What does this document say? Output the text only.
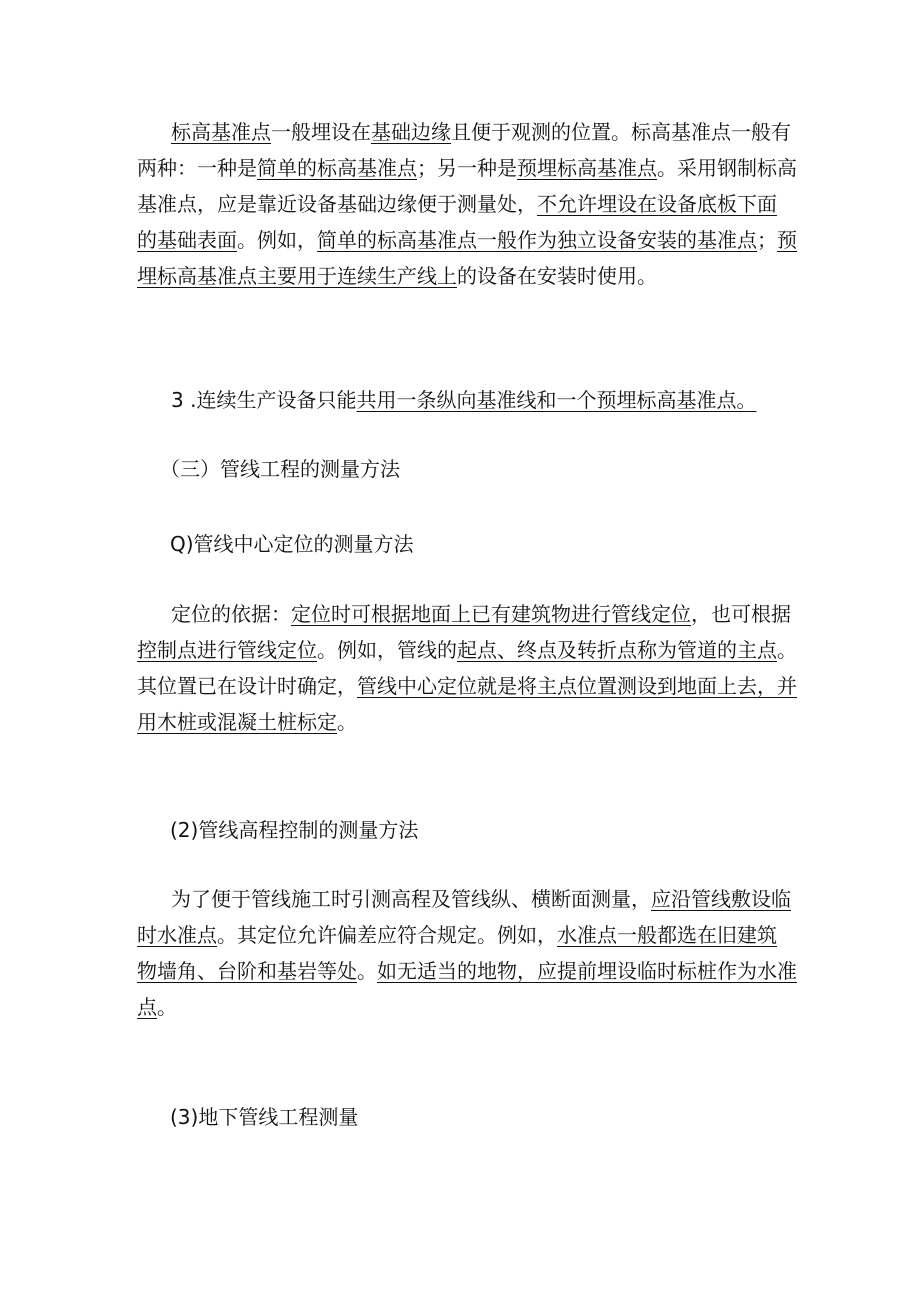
标高基准点一般埋设在基础边缘且便于观测的位置。标高基准点一般有
两种：一种是简单的标高基准点；另一种是预埋标高基准点。采用钢制标高
基准点，应是靠近设备基础边缘便于测量处，不允许埋设在设备底板下面
的基础表面。例如，简单的标高基准点一般作为独立设备安装的基准点；预
埋标高基准点主要用于连续生产线上的设备在安装时使用。
3 .连续生产设备只能共用一条纵向基准线和一个预埋标高基准点。
（三）管线工程的测量方法
Q)管线中心定位的测量方法
定位的依据：定位时可根据地面上已有建筑物进行管线定位，也可根据
控制点进行管线定位。例如，管线的起点、终点及转折点称为管道的主点。
其位置已在设计时确定，管线中心定位就是将主点位置测设到地面上去，并
用木桩或混凝土桩标定。
(2)管线高程控制的测量方法
为了便于管线施工时引测高程及管线纵、横断面测量，应沿管线敷设临
时水准点。其定位允许偏差应符合规定。例如，水准点一般都选在旧建筑
物墙角、台阶和基岩等处。如无适当的地物，应提前埋设临时标桩作为水准
点。
(3)地下管线工程测量
